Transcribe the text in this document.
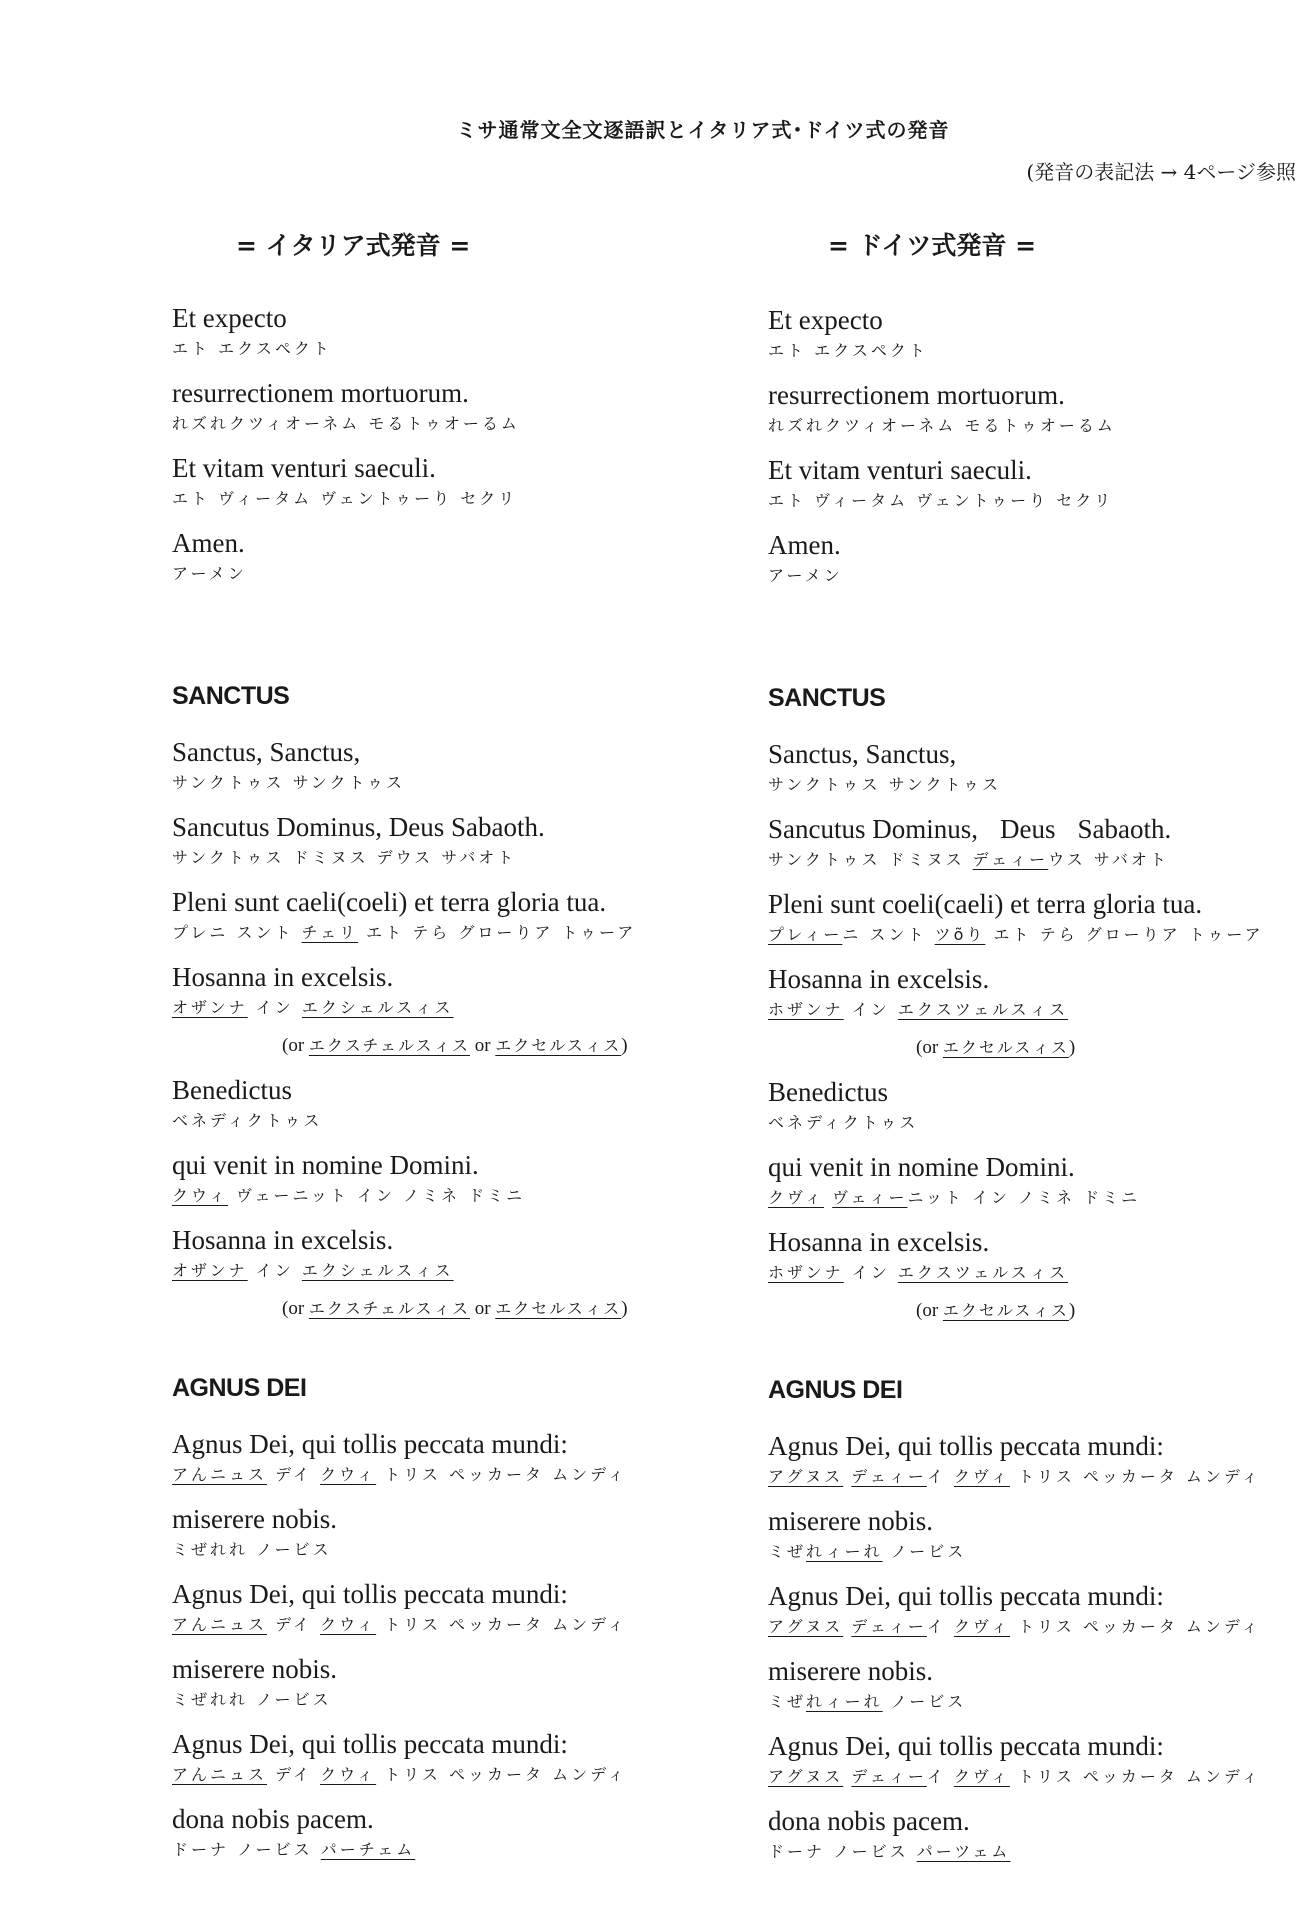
ミサ通常文全文逐語訳とイタリア式･ドイツ式の発音
(発音の表記法 → 4ページ参照
= イタリア式発音 =
Et expecto
エト エクスペクト
resurrectionem mortuorum.
れズれクツィオーネム モるトゥオーるム
Et vitam venturi saeculi.
エト ヴィータム ヴェントゥーり セクリ
Amen.
アーメン
SANCTUS
Sanctus, Sanctus,
サンクトゥス サンクトゥス
Sancutus Dominus, Deus Sabaoth.
サンクトゥス ドミヌス デウス サバオト
Pleni sunt caeli(coeli) et terra gloria tua.
プレニ スント チェリ エト テら グローりア トゥーア
Hosanna in excelsis.
オザンナ イン エクシェルスィス
(or エクスチェルスィス or エクセルスィス)
Benedictus
ベネディクトゥス
qui venit in nomine Domini.
クウィ ヴェーニット イン ノミネ ドミニ
Hosanna in excelsis.
オザンナ イン エクシェルスィス
(or エクスチェルスィス or エクセルスィス)
AGNUS DEI
Agnus Dei, qui tollis peccata mundi:
アんニュス デイ クウィ トリス ペッカータ ムンディ
miserere nobis.
ミぜれれ ノービス
Agnus Dei, qui tollis peccata mundi:
アんニュス デイ クウィ トリス ペッカータ ムンディ
miserere nobis.
ミぜれれ ノービス
Agnus Dei, qui tollis peccata mundi:
アんニュス デイ クウィ トリス ペッカータ ムンディ
dona nobis pacem.
ドーナ ノービス パーチェム
= ドイツ式発音 =
Et expecto
エト エクスペクト
resurrectionem mortuorum.
れズれクツィオーネム モるトゥオーるム
Et vitam venturi saeculi.
エト ヴィータム ヴェントゥーり セクリ
Amen.
アーメン
SANCTUS
Sanctus, Sanctus,
サンクトゥス サンクトゥス
Sancutus Dominus, Deus Sabaoth.
サンクトゥス ドミヌス デェィーウス サバオト
Pleni sunt coeli(caeli) et terra gloria tua.
プレィーニ スント ツõり エト テら グローりア トゥーア
Hosanna in excelsis.
ホザンナ イン エクスツェルスィス
(or エクセルスィス)
Benedictus
ベネディクトゥス
qui venit in nomine Domini.
クヴィ ヴェィーニット イン ノミネ ドミニ
Hosanna in excelsis.
ホザンナ イン エクスツェルスィス
(or エクセルスィス)
AGNUS DEI
Agnus Dei, qui tollis peccata mundi:
アグヌス デェィーイ クヴィ トリス ペッカータ ムンディ
miserere nobis.
ミぜれィーれ ノービス
Agnus Dei, qui tollis peccata mundi:
アグヌス デェィーイ クヴィ トリス ペッカータ ムンディ
miserere nobis.
ミぜれィーれ ノービス
Agnus Dei, qui tollis peccata mundi:
アグヌス デェィーイ クヴィ トリス ペッカータ ムンディ
dona nobis pacem.
ドーナ ノービス パーツェム
